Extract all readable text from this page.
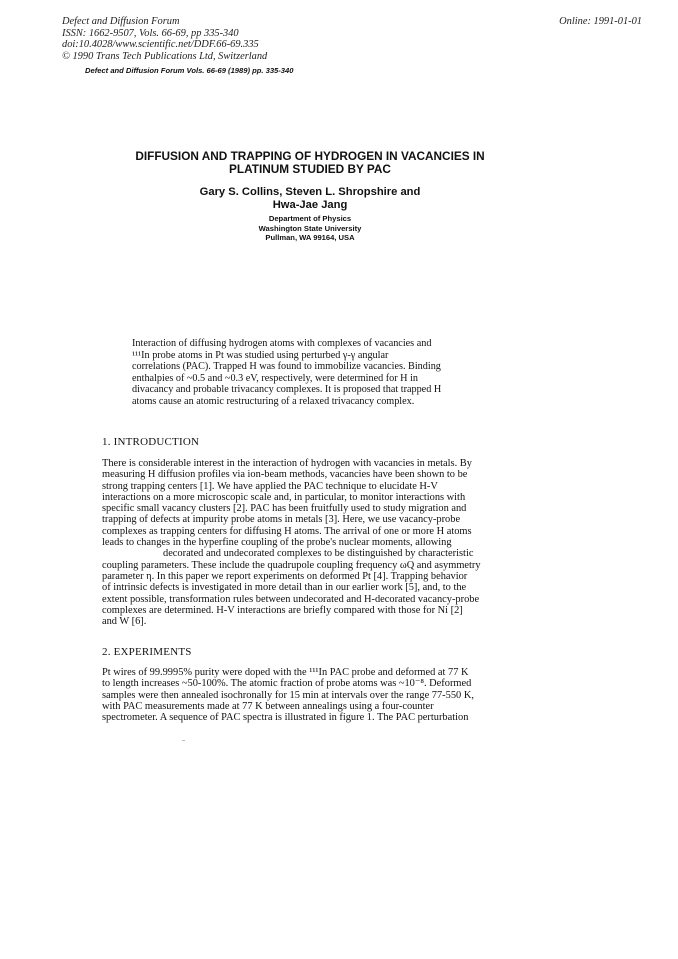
Defect and Diffusion Forum
ISSN: 1662-9507, Vols. 66-69, pp 335-340
doi:10.4028/www.scientific.net/DDF.66-69.335
© 1990 Trans Tech Publications Ltd, Switzerland
Online: 1991-01-01
Defect and Diffusion Forum Vols. 66-69 (1989) pp. 335-340
DIFFUSION AND TRAPPING OF HYDROGEN IN VACANCIES IN
PLATINUM STUDIED BY PAC
Gary S. Collins, Steven L. Shropshire and
Hwa-Jae Jang
Department of Physics
Washington State University
Pullman, WA 99164, USA
Interaction of diffusing hydrogen atoms with complexes of vacancies and
¹¹¹In probe atoms in Pt was studied using perturbed γ-γ angular
correlations (PAC). Trapped H was found to immobilize vacancies. Binding
enthalpies of ~0.5 and ~0.3 eV, respectively, were determined for H in
divacancy and probable trivacancy complexes. It is proposed that trapped H
atoms cause an atomic restructuring of a relaxed trivacancy complex.
1. INTRODUCTION
There is considerable interest in the interaction of hydrogen with vacancies in metals. By
measuring H diffusion profiles via ion-beam methods, vacancies have been shown to be
strong trapping centers [1]. We have applied the PAC technique to elucidate H-V
interactions on a more microscopic scale and, in particular, to monitor interactions with
specific small vacancy clusters [2]. PAC has been fruitfully used to study migration and
trapping of defects at impurity probe atoms in metals [3]. Here, we use vacancy-probe
complexes as trapping centers for diffusing H atoms. The arrival of one or more H atoms
leads to changes in the hyperfine coupling of the probe's nuclear moments, allowing
decorated and undecorated complexes to be distinguished by characteristic
coupling parameters. These include the quadrupole coupling frequency ωQ and asymmetry
parameter η. In this paper we report experiments on deformed Pt [4]. Trapping behavior
of intrinsic defects is investigated in more detail than in our earlier work [5], and, to the
extent possible, transformation rules between undecorated and H-decorated vacancy-probe
complexes are determined. H-V interactions are briefly compared with those for Ni [2]
and W [6].
2. EXPERIMENTS
Pt wires of 99.9995% purity were doped with the ¹¹¹In PAC probe and deformed at 77 K
to length increases ~50-100%. The atomic fraction of probe atoms was ~10⁻⁸. Deformed
samples were then annealed isochronally for 15 min at intervals over the range 77-550 K,
with PAC measurements made at 77 K between annealings using a four-counter
spectrometer. A sequence of PAC spectra is illustrated in figure 1. The PAC perturbation
